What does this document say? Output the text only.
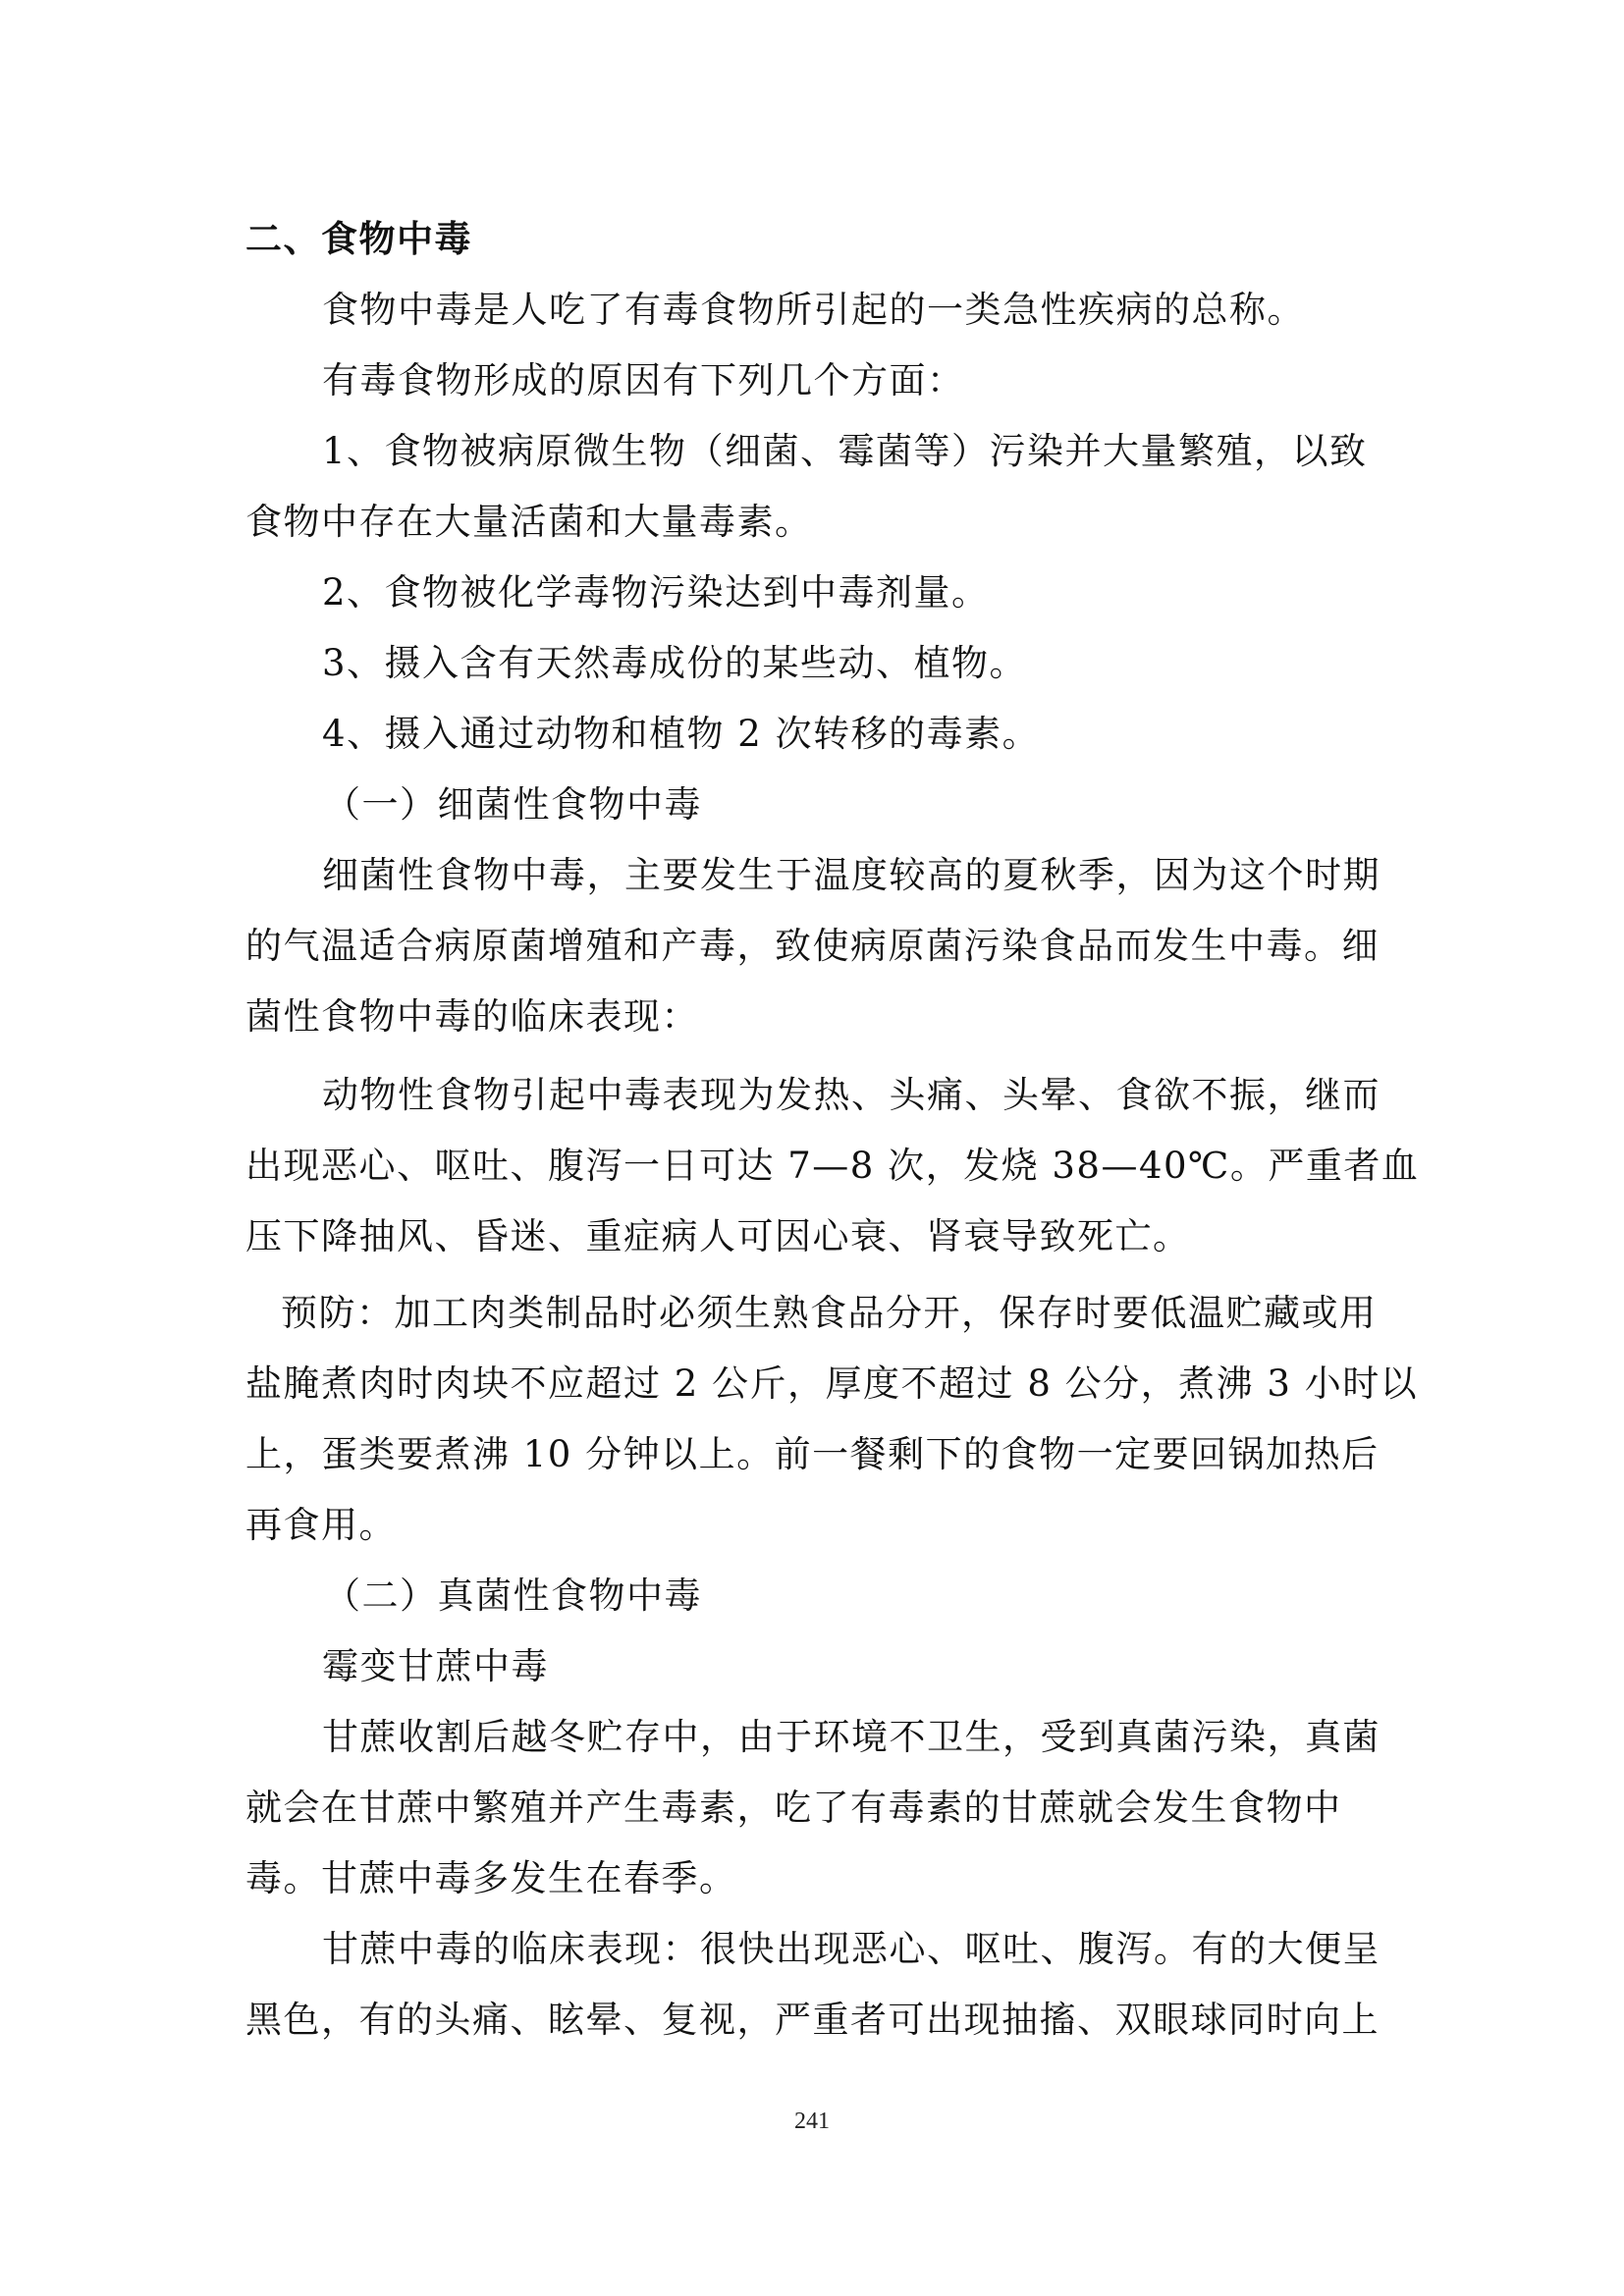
二、食物中毒
食物中毒是人吃了有毒食物所引起的一类急性疾病的总称。
有毒食物形成的原因有下列几个方面：
1、食物被病原微生物（细菌、霉菌等）污染并大量繁殖，以致
食物中存在大量活菌和大量毒素。
2、食物被化学毒物污染达到中毒剂量。
3、摄入含有天然毒成份的某些动、植物。
4、摄入通过动物和植物 2 次转移的毒素。
（一）细菌性食物中毒
细菌性食物中毒，主要发生于温度较高的夏秋季，因为这个时期
的气温适合病原菌增殖和产毒，致使病原菌污染食品而发生中毒。细
菌性食物中毒的临床表现：
动物性食物引起中毒表现为发热、头痛、头晕、食欲不振，继而
出现恶心、呕吐、腹泻一日可达 7—8 次，发烧 38—40℃。严重者血
压下降抽风、昏迷、重症病人可因心衰、肾衰导致死亡。
预防：加工肉类制品时必须生熟食品分开，保存时要低温贮藏或用
盐腌煮肉时肉块不应超过 2 公斤，厚度不超过 8 公分，煮沸 3 小时以
上，蛋类要煮沸 10 分钟以上。前一餐剩下的食物一定要回锅加热后
再食用。
（二）真菌性食物中毒
霉变甘蔗中毒
甘蔗收割后越冬贮存中，由于环境不卫生，受到真菌污染，真菌
就会在甘蔗中繁殖并产生毒素，吃了有毒素的甘蔗就会发生食物中
毒。甘蔗中毒多发生在春季。
甘蔗中毒的临床表现：很快出现恶心、呕吐、腹泻。有的大便呈
黑色，有的头痛、眩晕、复视，严重者可出现抽搐、双眼球同时向上
241
